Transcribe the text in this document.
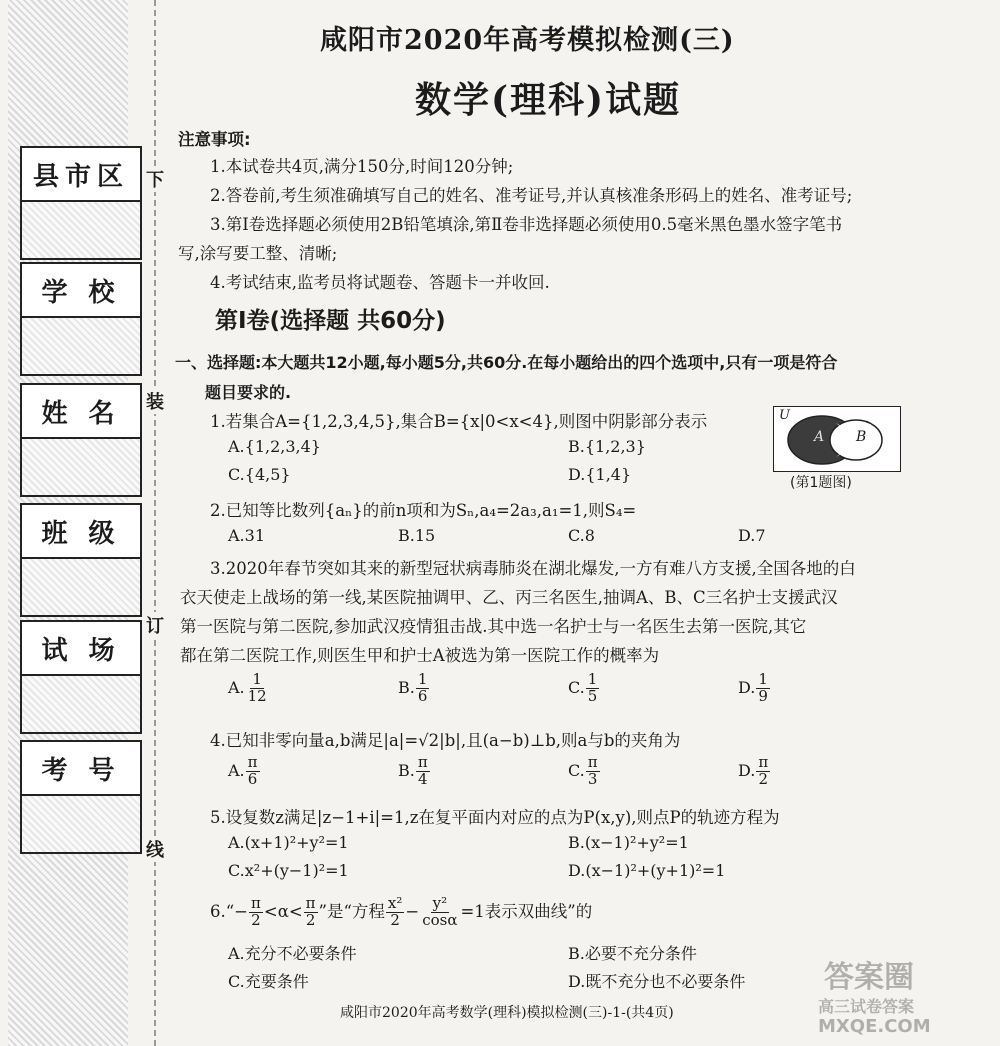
县市区
学 校
姓 名
班 级
试 场
考 号
下
装
订
线
咸阳市2020年高考模拟检测(三)
数学(理科)试题
注意事项:
1.本试卷共4页,满分150分,时间120分钟;
2.答卷前,考生须准确填写自己的姓名、准考证号,并认真核准条形码上的姓名、准考证号;
3.第Ⅰ卷选择题必须使用2B铅笔填涂,第Ⅱ卷非选择题必须使用0.5毫米黑色墨水签字笔书
写,涂写要工整、清晰;
4.考试结束,监考员将试题卷、答题卡一并收回.
第Ⅰ卷(选择题 共60分)
一、选择题:本大题共12小题,每小题5分,共60分.在每小题给出的四个选项中,只有一项是符合
题目要求的.
1.若集合A={1,2,3,4,5},集合B={x|0<x<4},则图中阴影部分表示
A.{1,2,3,4}	B.{1,2,3}
C.{4,5}	D.{1,4}
U
A B
(第1题图)
2.已知等比数列{aₙ}的前n项和为Sₙ,a₄=2a₃,a₁=1,则S₄=
A.31	B.15	C.8	D.7
3.2020年春节突如其来的新型冠状病毒肺炎在湖北爆发,一方有难八方支援,全国各地的白
衣天使走上战场的第一线,某医院抽调甲、乙、丙三名医生,抽调A、B、C三名护士支援武汉
第一医院与第二医院,参加武汉疫情狙击战.其中选一名护士与一名医生去第一医院,其它
都在第二医院工作,则医生甲和护士A被选为第一医院工作的概率为
A. $\frac{1}{12}$	B. $\frac{1}{6}$	C. $\frac{1}{5}$	D. $\frac{1}{9}$
4.已知非零向量a,b满足|a|=√2|b|,且(a−b)⊥b,则a与b的夹角为
A. $\frac{\pi}{6}$	B. $\frac{\pi}{4}$	C. $\frac{\pi}{3}$	D. $\frac{\pi}{2}$
5.设复数z满足|z−1+i|=1,z在复平面内对应的点为P(x,y),则点P的轨迹方程为
A.(x+1)²+y²=1	B.(x−1)²+y²=1
C.x²+(y−1)²=1	D.(x−1)²+(y+1)²=1
6.“− $\frac{\pi}{2} <\alpha< \frac{\pi}{2}$ ”是“方程 $\frac{\text{x²}}{2} - \frac{\text{y²}}{\cos\alpha} =1$表示双曲线”的
A.充分不必要条件	B.必要不充分条件
C.充要条件	D.既不充分也不必要条件
咸阳市2020年高考数学(理科)模拟检测(三)-1-(共4页)
答案圈
高三试卷答案
MXQE.COM
